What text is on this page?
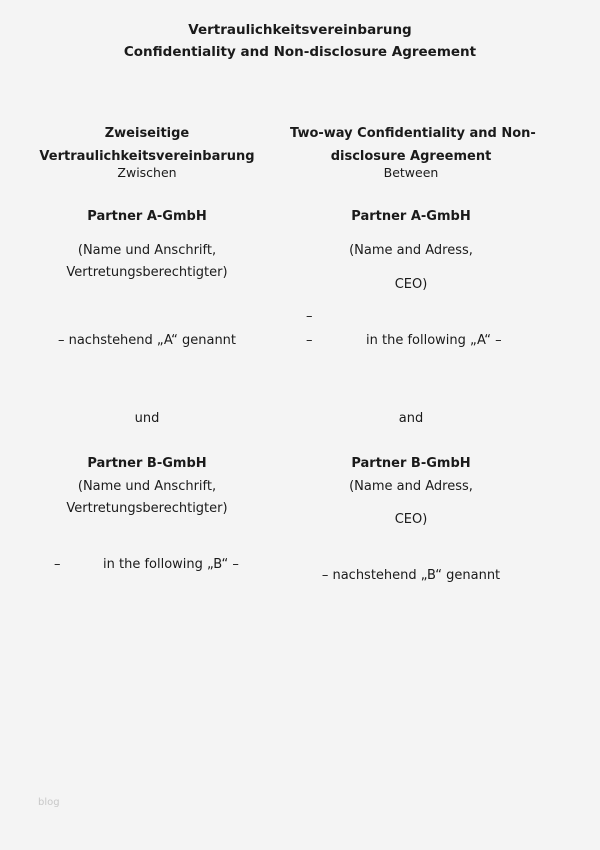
Vertraulichkeitsvereinbarung
Confidentiality and Non-disclosure Agreement
Zweiseitige
Vertraulichkeitsvereinbarung
Zwischen
Partner A-GmbH
(Name und Anschrift,
Vertretungsberechtigter)
– nachstehend „A“ genannt
und
Partner B-GmbH
(Name und Anschrift,
Vertretungsberechtigter)
–	in the following „B“ –
Two-way Confidentiality and Non-
disclosure Agreement
Between
Partner A-GmbH
(Name and Adress,
CEO)
–
–	in the following „A“ –
and
Partner B-GmbH
(Name and Adress,
CEO)
– nachstehend „B“ genannt
blog
